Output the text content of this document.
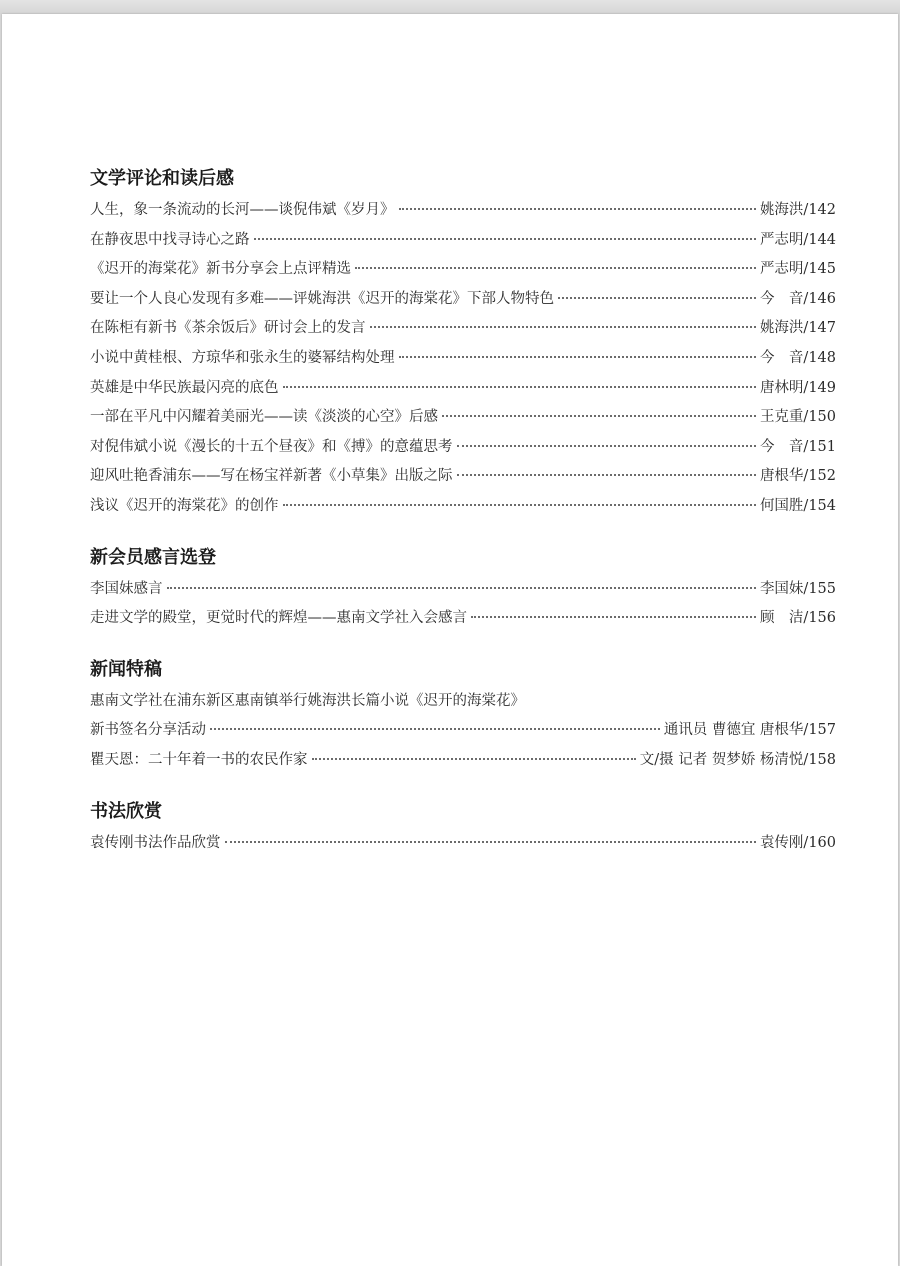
文学评论和读后感
人生，象一条流动的长河——谈倪伟斌《岁月》	姚海洪/142
在静夜思中找寻诗心之路	严志明/144
《迟开的海棠花》新书分享会上点评精选	严志明/145
要让一个人良心发现有多难——评姚海洪《迟开的海棠花》下部人物特色	今　音/146
在陈柜有新书《茶余饭后》研讨会上的发言	姚海洪/147
小说中黄桂根、方琼华和张永生的婆幂结构处理	今　音/148
英雄是中华民族最闪亮的底色	唐林明/149
一部在平凡中闪耀着美丽光——读《淡淡的心空》后感	王克重/150
对倪伟斌小说《漫长的十五个昼夜》和《搏》的意蕴思考	今　音/151
迎风吐艳香浦东——写在杨宝祥新著《小草集》出版之际	唐根华/152
浅议《迟开的海棠花》的创作	何国胜/154
新会员感言选登
李国妹感言	李国妹/155
走进文学的殿堂，更觉时代的辉煌——惠南文学社入会感言	顾　洁/156
新闻特稿
惠南文学社在浦东新区惠南镇举行姚海洪长篇小说《迟开的海棠花》
新书签名分享活动	通讯员 曹德宜 唐根华/157
瞿天恩：二十年着一书的农民作家	文/摄 记者 贺梦娇 杨清悦/158
书法欣赏
袁传刚书法作品欣赏	袁传刚/160
